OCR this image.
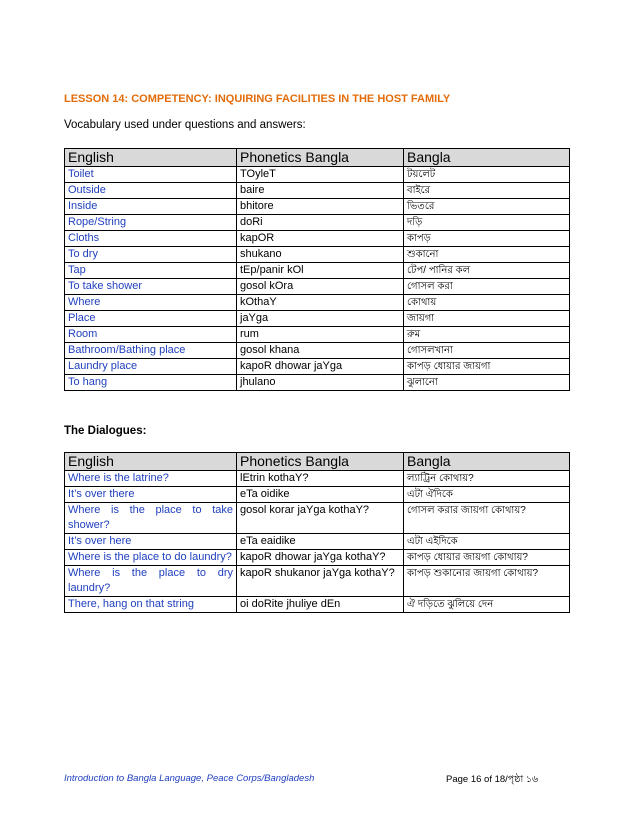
LESSON 14: COMPETENCY: INQUIRING FACILITIES IN THE HOST FAMILY
Vocabulary used under questions and answers:
English	Phonetics Bangla	Bangla
Toilet	TOyleT	টয়লেট
Outside	baire	বাইরে
Inside	bhitore	ভিতরে
Rope/String	doRi	দড়ি
Cloths	kapOR	কাপড়
To dry	shukano	শুকানো
Tap	tEp/panir kOl	টেপ/ পানির কল
To take shower	gosol kOra	গোসল করা
Where	kOthaY	কোথায়
Place	jaYga	জায়গা
Room	rum	রুম
Bathroom/Bathing place	gosol khana	গোসলখানা
Laundry place	kapoR dhowar jaYga	কাপড় ধোয়ার জায়গা
To hang	jhulano	ঝুলানো
The Dialogues:
English	Phonetics Bangla	Bangla
Where is the latrine?	lEtrin kothaY?	ল্যাট্রিন কোথায়?
It’s over there	eTa oidike	এটা ঐদিকে
Where is the place to take shower?	gosol korar jaYga kothaY?	গোসল করার জায়গা কোথায়?
It’s over here	eTa eaidike	এটা এইদিকে
Where is the place to do laundry?	kapoR dhowar jaYga kothaY?	কাপড় ধোয়ার জায়গা কোথায়?
Where is the place to dry laundry?	kapoR shukanor jaYga kothaY?	কাপড় শুকানোর জায়গা কোথায়?
There, hang on that string	oi doRite jhuliye dEn	ঐ দড়িতে ঝুলিয়ে দেন
Introduction to Bangla Language, Peace Corps/Bangladesh	Page 16 of 18/পৃষ্ঠা ১৬
